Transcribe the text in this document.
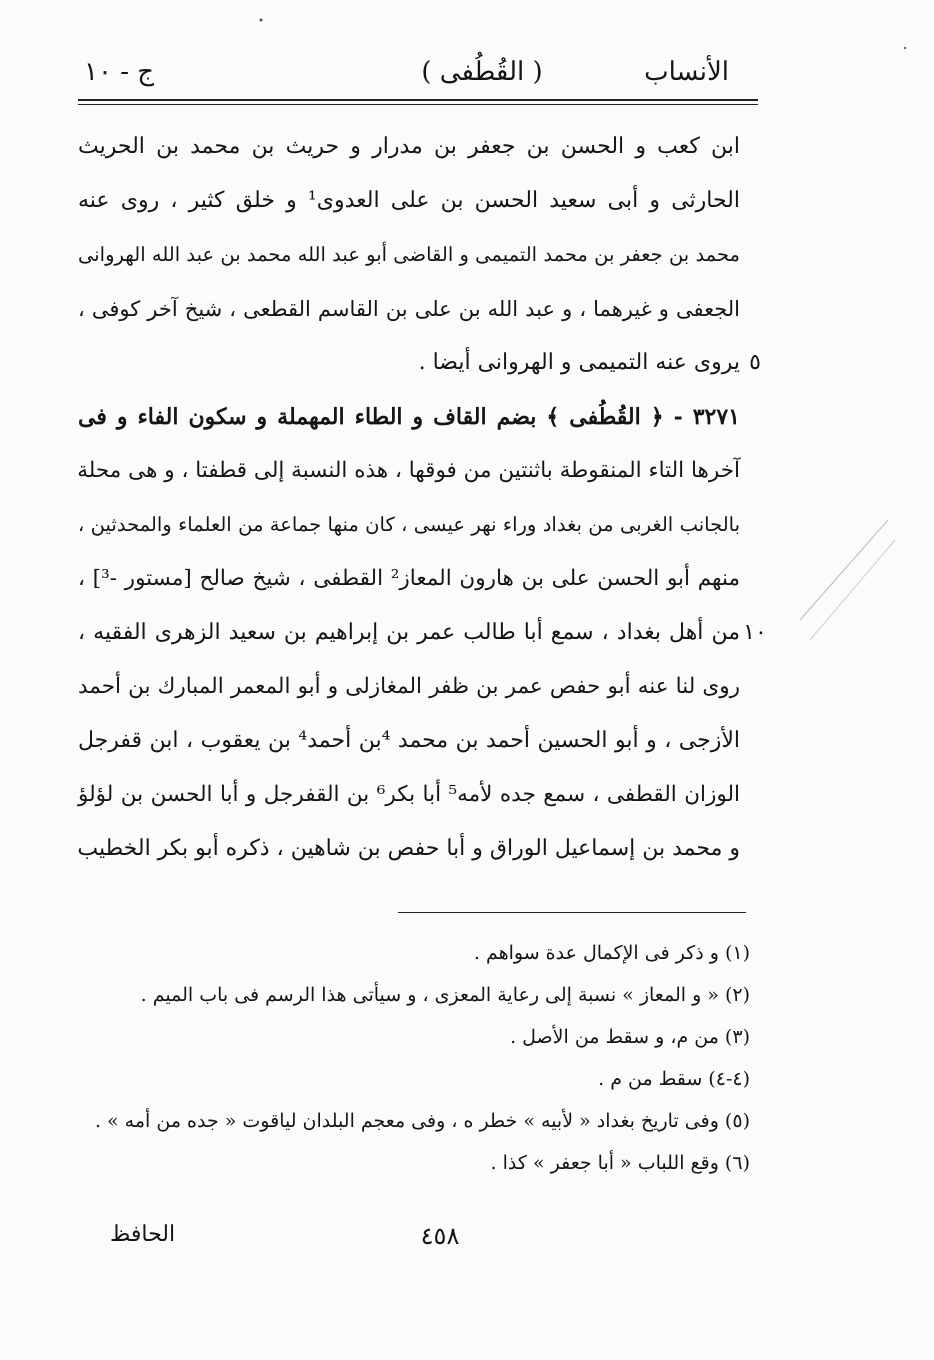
الأنساب
( القُطُفى )
ج - ١٠
ابن كعب و الحسن بن جعفر بن مدرار و حريث بن محمد بن الحريث
الحارثى و أبى سعيد الحسن بن على العدوى¹ و خلق كثير ، روى عنه
محمد بن جعفر بن محمد التميمى و القاضى أبو عبد الله محمد بن عبد الله الهروانى
الجعفى و غيرهما ، و عبد الله بن على بن القاسم القطعى ، شيخ آخر كوفى ،
يروى عنه التميمى و الهروانى أيضا .
٣٢٧١ - ﴿ القُطُفى ﴾ بضم القاف و الطاء المهملة و سكون الفاء و فى
آخرها التاء المنقوطة باثنتين من فوقها ، هذه النسبة إلى قطفتا ، و هى محلة
بالجانب الغربى من بغداد وراء نهر عيسى ، كان منها جماعة من العلماء والمحدثين ،
منهم أبو الحسن على بن هارون المعاز² القطفى ، شيخ صالح [مستور -³] ،
من أهل بغداد ، سمع أبا طالب عمر بن إبراهيم بن سعيد الزهرى الفقيه ،
روى لنا عنه أبو حفص عمر بن ظفر المغازلى و أبو المعمر المبارك بن أحمد
الأزجى ، و أبو الحسين أحمد بن محمد ⁴بن أحمد⁴ بن يعقوب ، ابن قفرجل
الوزان القطفى ، سمع جده لأمه⁵ أبا بكر⁶ بن القفرجل و أبا الحسن بن لؤلؤ
و محمد بن إسماعيل الوراق و أبا حفص بن شاهين ، ذكره أبو بكر الخطيب
٥
١٠
(١) و ذكر فى الإكمال عدة سواهم .
(٢) « و المعاز » نسبة إلى رعاية المعزى ، و سيأتى هذا الرسم فى باب الميم .
(٣) من م، و سقط من الأصل .
(٤-٤) سقط من م .
(٥) وفى تاريخ بغداد « لأبيه » خطر ه ، وفى معجم البلدان لياقوت « جده من أمه » .
(٦) وقع اللباب « أبا جعفر » كذا .
٤٥٨
الحافظ
